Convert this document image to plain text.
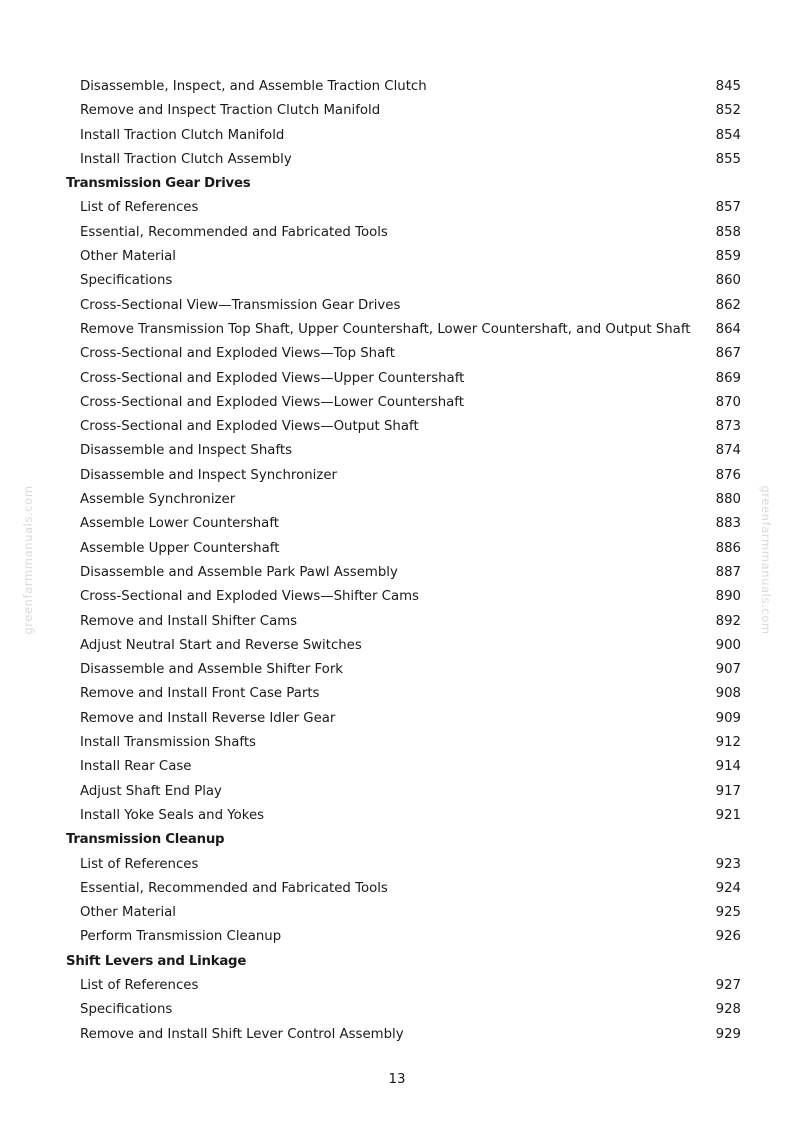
Disassemble, Inspect, and Assemble Traction Clutch	845
Remove and Inspect Traction Clutch Manifold	852
Install Traction Clutch Manifold	854
Install Traction Clutch Assembly	855
Transmission Gear Drives
List of References	857
Essential, Recommended and Fabricated Tools	858
Other Material	859
Specifications	860
Cross-Sectional View—Transmission Gear Drives	862
Remove Transmission Top Shaft, Upper Countershaft, Lower Countershaft, and Output Shaft 864
Cross-Sectional and Exploded Views—Top Shaft	867
Cross-Sectional and Exploded Views—Upper Countershaft	869
Cross-Sectional and Exploded Views—Lower Countershaft	870
Cross-Sectional and Exploded Views—Output Shaft	873
Disassemble and Inspect Shafts	874
Disassemble and Inspect Synchronizer	876
Assemble Synchronizer	880
Assemble Lower Countershaft	883
Assemble Upper Countershaft	886
Disassemble and Assemble Park Pawl Assembly	887
Cross-Sectional and Exploded Views—Shifter Cams	890
Remove and Install Shifter Cams	892
Adjust Neutral Start and Reverse Switches	900
Disassemble and Assemble Shifter Fork	907
Remove and Install Front Case Parts	908
Remove and Install Reverse Idler Gear	909
Install Transmission Shafts	912
Install Rear Case	914
Adjust Shaft End Play	917
Install Yoke Seals and Yokes	921
Transmission Cleanup
List of References	923
Essential, Recommended and Fabricated Tools	924
Other Material	925
Perform Transmission Cleanup	926
Shift Levers and Linkage
List of References	927
Specifications	928
Remove and Install Shift Lever Control Assembly	929
greenfarmmanuals.com	greenfarmmanuals.com
13
